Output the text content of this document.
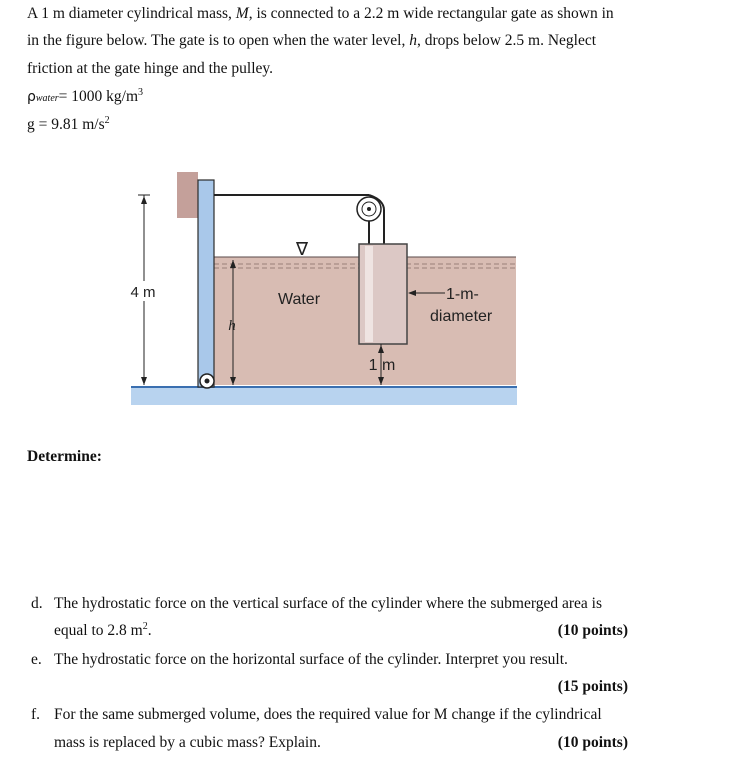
A 1 m diameter cylindrical mass, M, is connected to a 2.2 m wide rectangular gate as shown in
in the figure below. The gate is to open when the water level, h, drops below 2.5 m. Neglect
friction at the gate hinge and the pulley.
ρwater= 1000 $kg/m^3$
g = 9.81 $m/s^2$
∇
4 m
h
Water	1-m-
diameter
1 m
Determine:
d. The hydrostatic force on the vertical surface of the cylinder where the submerged area is
equal to 2.8 $m^2$.	(10 points)
e. The hydrostatic force on the horizontal surface of the cylinder. Interpret you result.
(15 points)
f. For the same submerged volume, does the required value for M change if the cylindrical
mass is replaced by a cubic mass? Explain.	(10 points)
